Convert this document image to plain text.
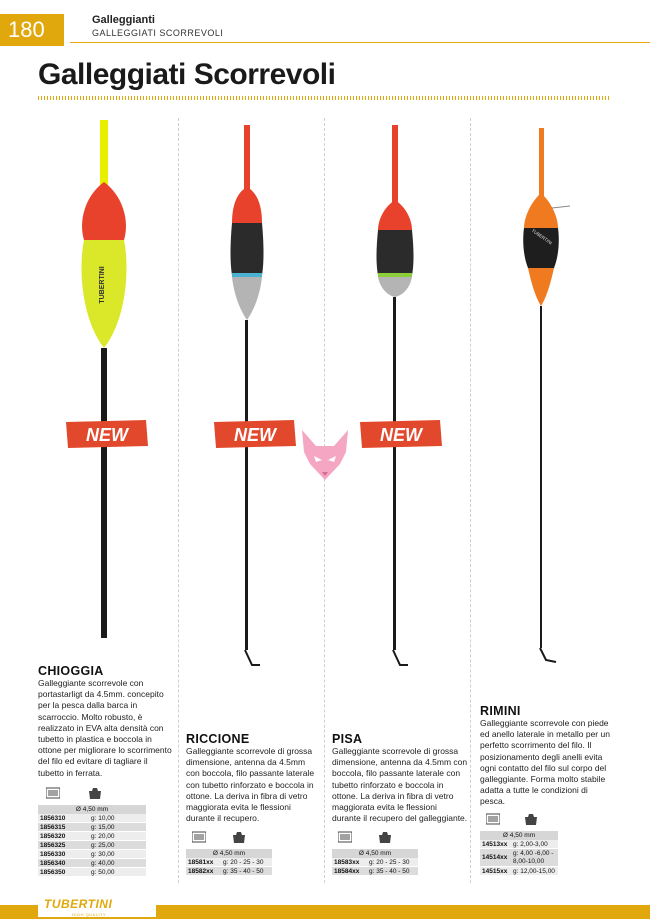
180	Galleggianti
GALLEGGIATI SCORREVOLI
Galleggiati Scorrevoli
TUBERTINI
TUBERTINI
NEW	NEW	NEW
CHIOGGIA
Galleggiante scorrevole con portastarligt da 4.5mm. concepito per la pesca dalla barca in scarroccio. Molto robusto, è realizzato in EVA alta densità con tubetto in plastica e boccola in ottone per migliorare lo scorrimento del filo ed evitare di tagliare il tubetto in ferrata.
Ø 4,50 mm
1856310	g: 10,00
1856315	g: 15,00
1856320	g: 20,00
1856325	g: 25,00
1856330	g: 30,00
1856340	g: 40,00
1856350	g: 50,00
RICCIONE
Galleggiante scorrevole di grossa dimensione, antenna da 4.5mm con boccola, filo passante laterale con tubetto rinforzato e boccola in ottone. La deriva in fibra di vetro maggiorata evita le flessioni durante il recupero.
Ø 4,50 mm
18581xx	g: 20 - 25 - 30
18582xx	g: 35 - 40 - 50
PISA
Galleggiante scorrevole di grossa dimensione, antenna da 4.5mm con boccola, filo passante laterale con tubetto rinforzato e boccola in ottone. La deriva in fibra di vetro maggiorata evita le flessioni durante il recupero del galleggiante.
Ø 4,50 mm
18583xx	g: 20 - 25 - 30
18584xx	g: 35 - 40 - 50
RIMINI
Galleggiante scorrevole con piede ed anello laterale in metallo per un perfetto scorrimento del filo. Il posizionamento degli anelli evita ogni contatto del filo sul corpo del galleggiante. Forma molto stabile adatta a tutte le condizioni di pesca.
Ø 4,50 mm
14513xx g: 2,00-3,00
14514xx
g: 4,00 -6,00 - 8,00-10,00
14515xx g: 12,00-15,00
TUBERTINI
HIGH QUALITY
